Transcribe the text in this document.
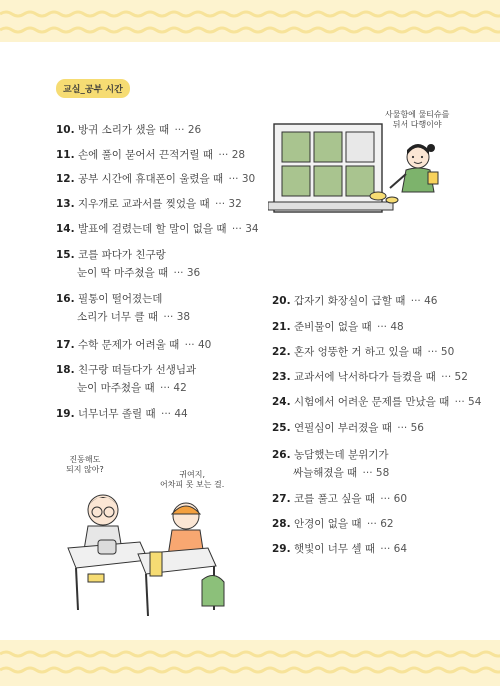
교실_공부 시간
10. 방귀 소리가 샜을 때 ··· 26
11. 손에 풀이 묻어서 끈적거릴 때 ··· 28
12. 공부 시간에 휴대폰이 울렸을 때 ··· 30
13. 지우개로 교과서를 찢었을 때 ··· 32
14. 발표에 걸렸는데 할 말이 없을 때 ··· 34
15. 코를 파다가 친구랑
눈이 딱 마주쳤을 때 ··· 36
16. 필통이 떨어졌는데
소리가 너무 클 때 ··· 38
17. 수학 문제가 어려울 때 ··· 40
18. 친구랑 떠들다가 선생님과
눈이 마주쳤을 때 ··· 42
19. 너무너무 졸릴 때 ··· 44
20. 갑자기 화장실이 급할 때 ··· 46
21. 준비물이 없을 때 ··· 48
22. 혼자 엉뚱한 거 하고 있을 때 ··· 50
23. 교과서에 낙서하다가 들켰을 때 ··· 52
24. 시험에서 어려운 문제를 만났을 때 ··· 54
25. 연필심이 부러졌을 때 ··· 56
26. 농담했는데 분위기가
싸늘해졌을 때 ··· 58
27. 코를 풀고 싶을 때 ··· 60
28. 안경이 없을 때 ··· 62
29. 햇빛이 너무 셀 때 ··· 64
사물함에 물티슈를
뒤서 다행이야
진동해도
되지 않아?
귀여지,
어차피 못 보는 걸.
